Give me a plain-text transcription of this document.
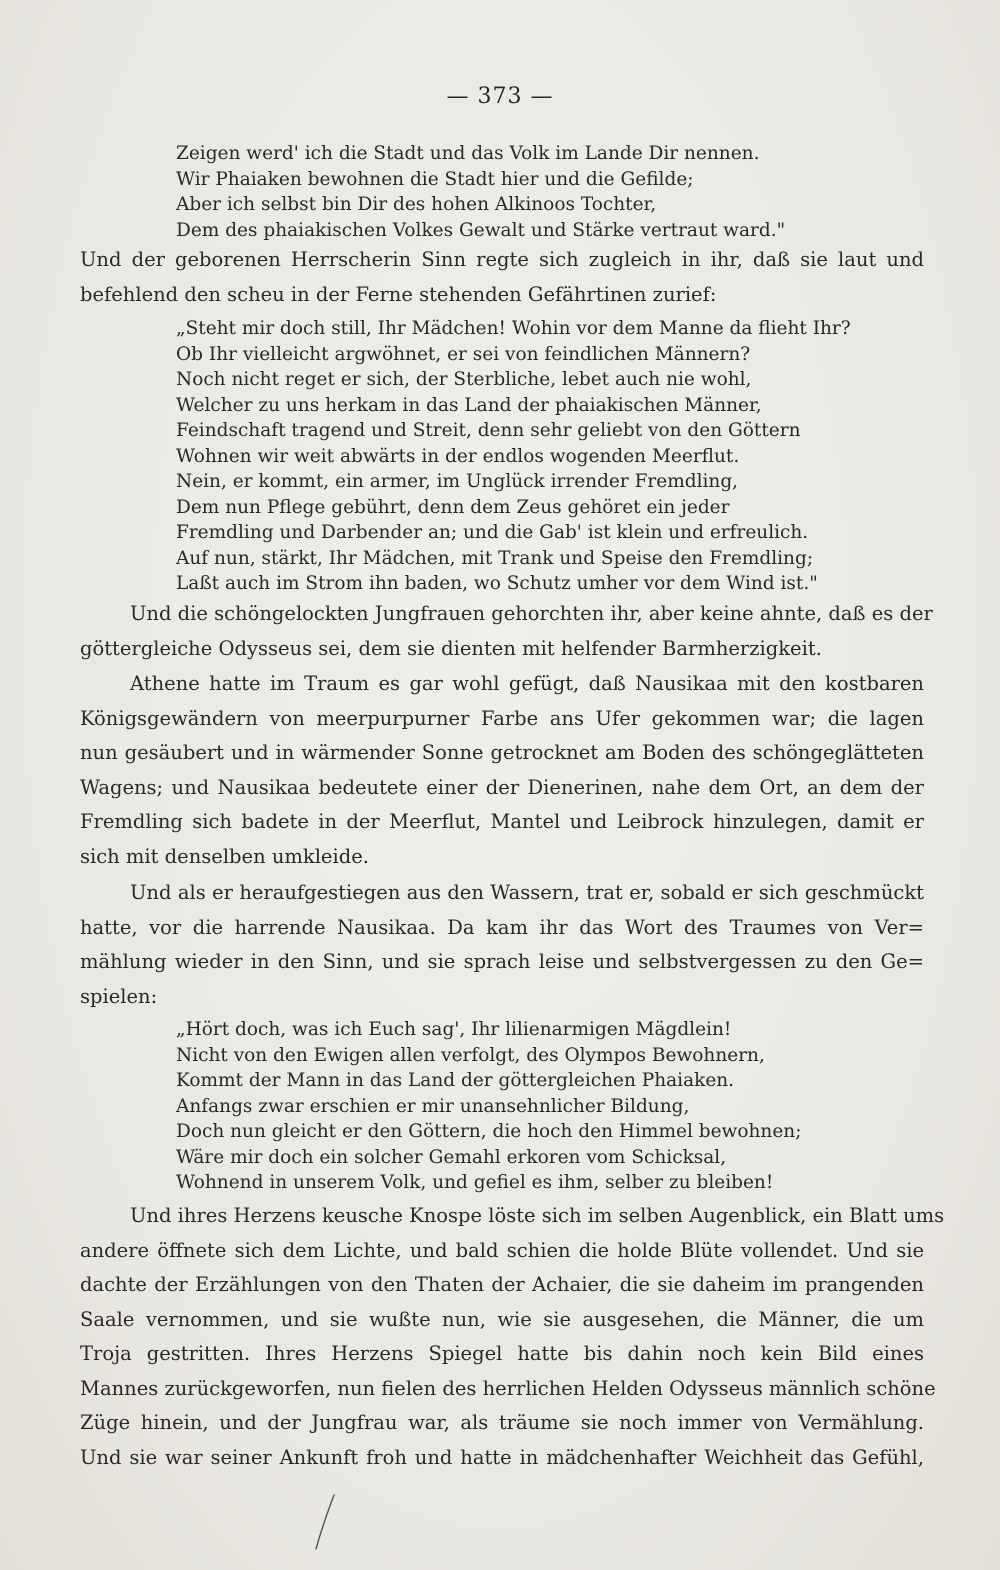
— 373 —
Zeigen werd' ich die Stadt und das Volk im Lande Dir nennen.
Wir Phaiaken bewohnen die Stadt hier und die Gefilde;
Aber ich selbst bin Dir des hohen Alkinoos Tochter,
Dem des phaiakischen Volkes Gewalt und Stärke vertraut ward."
Und der geborenen Herrscherin Sinn regte sich zugleich in ihr, daß sie laut und
befehlend den scheu in der Ferne stehenden Gefährtinen zurief:
„Steht mir doch still, Ihr Mädchen! Wohin vor dem Manne da flieht Ihr?
Ob Ihr vielleicht argwöhnet, er sei von feindlichen Männern?
Noch nicht reget er sich, der Sterbliche, lebet auch nie wohl,
Welcher zu uns herkam in das Land der phaiakischen Männer,
Feindschaft tragend und Streit, denn sehr geliebt von den Göttern
Wohnen wir weit abwärts in der endlos wogenden Meerflut.
Nein, er kommt, ein armer, im Unglück irrender Fremdling,
Dem nun Pflege gebührt, denn dem Zeus gehöret ein jeder
Fremdling und Darbender an; und die Gab' ist klein und erfreulich.
Auf nun, stärkt, Ihr Mädchen, mit Trank und Speise den Fremdling;
Laßt auch im Strom ihn baden, wo Schutz umher vor dem Wind ist."
Und die schöngelockten Jungfrauen gehorchten ihr, aber keine ahnte, daß es der
göttergleiche Odysseus sei, dem sie dienten mit helfender Barmherzigkeit.
Athene hatte im Traum es gar wohl gefügt, daß Nausikaa mit den kostbaren
Königsgewändern von meerpurpurner Farbe ans Ufer gekommen war; die lagen
nun gesäubert und in wärmender Sonne getrocknet am Boden des schöngeglätteten
Wagens; und Nausikaa bedeutete einer der Dienerinen, nahe dem Ort, an dem der
Fremdling sich badete in der Meerflut, Mantel und Leibrock hinzulegen, damit er
sich mit denselben umkleide.
Und als er heraufgestiegen aus den Wassern, trat er, sobald er sich geschmückt
hatte, vor die harrende Nausikaa. Da kam ihr das Wort des Traumes von Ver=
mählung wieder in den Sinn, und sie sprach leise und selbstvergessen zu den Ge=
spielen:
„Hört doch, was ich Euch sag', Ihr lilienarmigen Mägdlein!
Nicht von den Ewigen allen verfolgt, des Olympos Bewohnern,
Kommt der Mann in das Land der göttergleichen Phaiaken.
Anfangs zwar erschien er mir unansehnlicher Bildung,
Doch nun gleicht er den Göttern, die hoch den Himmel bewohnen;
Wäre mir doch ein solcher Gemahl erkoren vom Schicksal,
Wohnend in unserem Volk, und gefiel es ihm, selber zu bleiben!
Und ihres Herzens keusche Knospe löste sich im selben Augenblick, ein Blatt ums
andere öffnete sich dem Lichte, und bald schien die holde Blüte vollendet. Und sie
dachte der Erzählungen von den Thaten der Achaier, die sie daheim im prangenden
Saale vernommen, und sie wußte nun, wie sie ausgesehen, die Männer, die um
Troja gestritten. Ihres Herzens Spiegel hatte bis dahin noch kein Bild eines
Mannes zurückgeworfen, nun fielen des herrlichen Helden Odysseus männlich schöne
Züge hinein, und der Jungfrau war, als träume sie noch immer von Vermählung.
Und sie war seiner Ankunft froh und hatte in mädchenhafter Weichheit das Gefühl,
